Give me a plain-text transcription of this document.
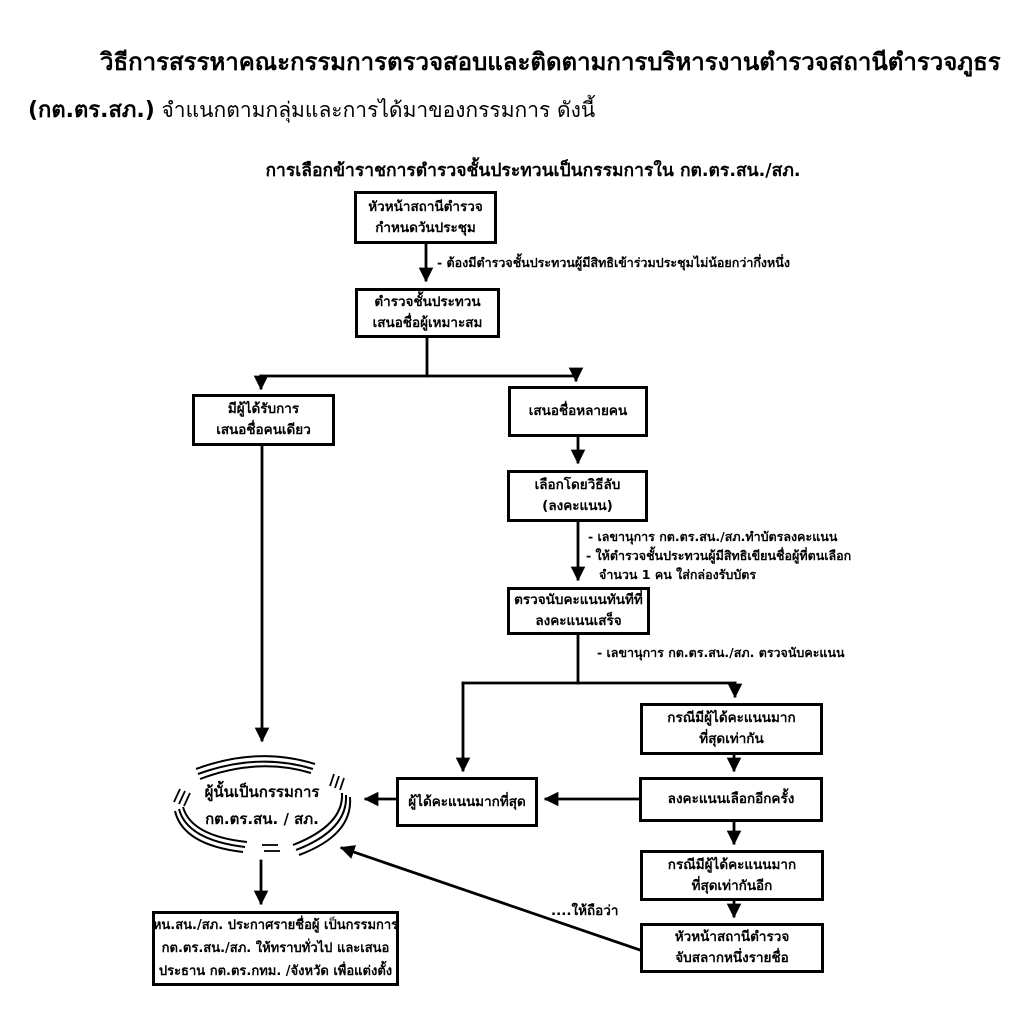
วิธีการสรรหาคณะกรรมการตรวจสอบและติดตามการบริหารงานตำรวจสถานีตำรวจภูธร
(กต.ตร.สภ.) จำแนกตามกลุ่มและการได้มาของกรรมการ ดังนี้
การเลือกข้าราชการตำรวจชั้นประทวนเป็นกรรมการใน กต.ตร.สน./สภ.
หัวหน้าสถานีตำรวจ
กำหนดวันประชุม
ตำรวจชั้นประทวน
เสนอชื่อผู้เหมาะสม
มีผู้ได้รับการ
เสนอชื่อคนเดียว
เสนอชื่อหลายคน
เลือกโดยวิธีลับ
(ลงคะแนน)
ตรวจนับคะแนนทันทีที่
ลงคะแนนเสร็จ
กรณีมีผู้ได้คะแนนมาก
ที่สุดเท่ากัน
ลงคะแนนเลือกอีกครั้ง
ผู้ได้คะแนนมากที่สุด
กรณีมีผู้ได้คะแนนมาก
ที่สุดเท่ากันอีก
หัวหน้าสถานีตำรวจ
จับสลากหนึ่งรายชื่อ
หน.สน./สภ. ประกาศรายชื่อผู้ เป็นกรรมการ
กต.ตร.สน./สภ. ให้ทราบทั่วไป และเสนอ
ประธาน กต.ตร.กทม. /จังหวัด เพื่อแต่งตั้ง
ผู้นั้นเป็นกรรมการ
กต.ตร.สน. / สภ.
- ต้องมีตำรวจชั้นประทวนผู้มีสิทธิเข้าร่วมประชุมไม่น้อยกว่ากึ่งหนึ่ง
- เลขานุการ กต.ตร.สน./สภ.ทำบัตรลงคะแนน
- ให้ตำรวจชั้นประทวนผู้มีสิทธิเขียนชื่อผู้ที่ตนเลือก
จำนวน 1 คน ใส่กล่องรับบัตร
- เลขานุการ กต.ตร.สน./สภ. ตรวจนับคะแนน
....ให้ถือว่า
